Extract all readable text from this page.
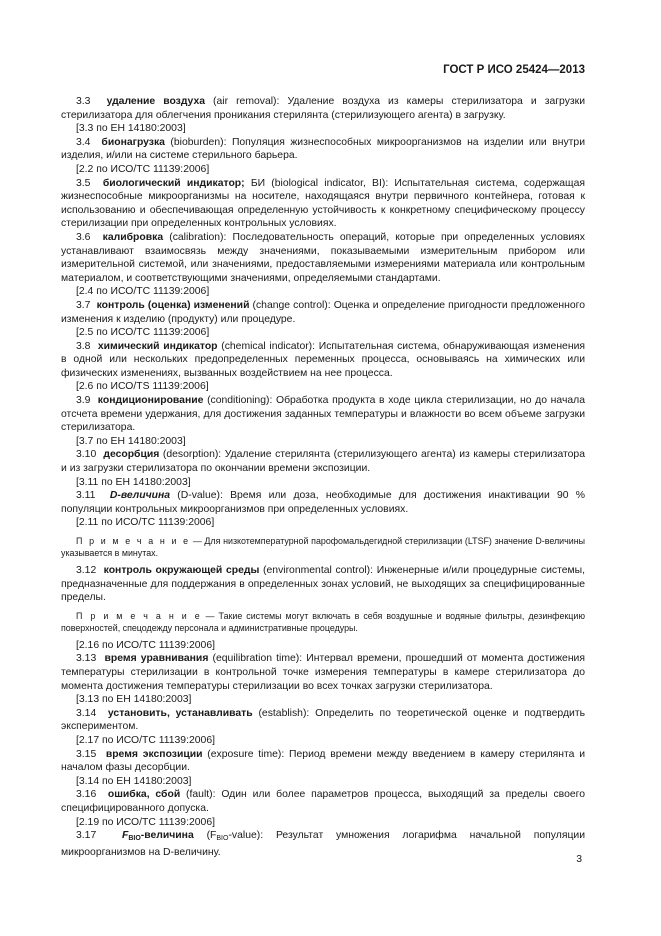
ГОСТ Р ИСО 25424—2013

3.3 удаление воздуха (air removal): Удаление воздуха из камеры стерилизатора и загрузки стерилизатора для облегчения проникания стерилянта (стерилизующего агента) в загрузку.

[3.3 по ЕН 14180:2003]

3.4 бионагрузка (bioburden): Популяция жизнеспособных микроорганизмов на изделии или внутри изделия, и/или на системе стерильного барьера.

[2.2 по ИСО/ТС 11139:2006]

3.5 биологический индикатор; БИ (biological indicator, BI): Испытательная система, содержащая жизнеспособные микроорганизмы на носителе, находящаяся внутри первичного контейнера, готовая к использованию и обеспечивающая определенную устойчивость к конкретному специфическому процессу стерилизации при определенных контрольных условиях.

3.6 калибровка (calibration): Последовательность операций, которые при определенных условиях устанавливают взаимосвязь между значениями, показываемыми измерительным прибором или измерительной системой, или значениями, предоставляемыми измерениями материала или контрольным материалом, и соответствующими значениями, определяемыми стандартами.

[2.4 по ИСО/ТС 11139:2006]

3.7 контроль (оценка) изменений (change control): Оценка и определение пригодности предложенного изменения к изделию (продукту) или процедуре.

[2.5 по ИСО/ТС 11139:2006]

3.8 химический индикатор (chemical indicator): Испытательная система, обнаруживающая изменения в одной или нескольких предопределенных переменных процесса, основываясь на химических или физических изменениях, вызванных воздействием на нее процесса.

[2.6 по ИСО/TS 11139:2006]

3.9 кондиционирование (conditioning): Обработка продукта в ходе цикла стерилизации, но до начала отсчета времени удержания, для достижения заданных температуры и влажности во всем объеме загрузки стерилизатора.

[3.7 по ЕН 14180:2003]

3.10 десорбция (desorption): Удаление стерилянта (стерилизующего агента) из камеры стерилизатора и из загрузки стерилизатора по окончании времени экспозиции.

[3.11 по ЕН 14180:2003]

3.11 D-величина (D-value): Время или доза, необходимые для достижения инактивации 90 % популяции контрольных микроорганизмов при определенных условиях.

[2.11 по ИСО/ТС 11139:2006]

П р и м е ч а н и е — Для низкотемпературной парофомальдегидной стерилизации (LTSF) значение D-величины указывается в минутах.

3.12 контроль окружающей среды (environmental control): Инженерные и/или процедурные системы, предназначенные для поддержания в определенных зонах условий, не выходящих за специфицированные пределы.

П р и м е ч а н и е — Такие системы могут включать в себя воздушные и водяные фильтры, дезинфекцию поверхностей, спецодежду персонала и административные процедуры.

[2.16 по ИСО/ТС 11139:2006]

3.13 время уравнивания (equilibration time): Интервал времени, прошедший от момента достижения температуры стерилизации в контрольной точке измерения температуры в камере стерилизатора до момента достижения температуры стерилизации во всех точках загрузки стерилизатора.

[3.13 по ЕН 14180:2003]

3.14 установить, устанавливать (establish): Определить по теоретической оценке и подтвердить экспериментом.

[2.17 по ИСО/ТС 11139:2006]

3.15 время экспозиции (exposure time): Период времени между введением в камеру стерилянта и началом фазы десорбции.

[3.14 по ЕН 14180:2003]

3.16 ошибка, сбой (fault): Один или более параметров процесса, выходящий за пределы своего специфицированного допуска.

[2.19 по ИСО/ТС 11139:2006]

3.17 $F_{BIO}$-величина $(F_{BIO}-value)$: Результат умножения логарифма начальной популяции микроорганизмов на D-величину.

3
